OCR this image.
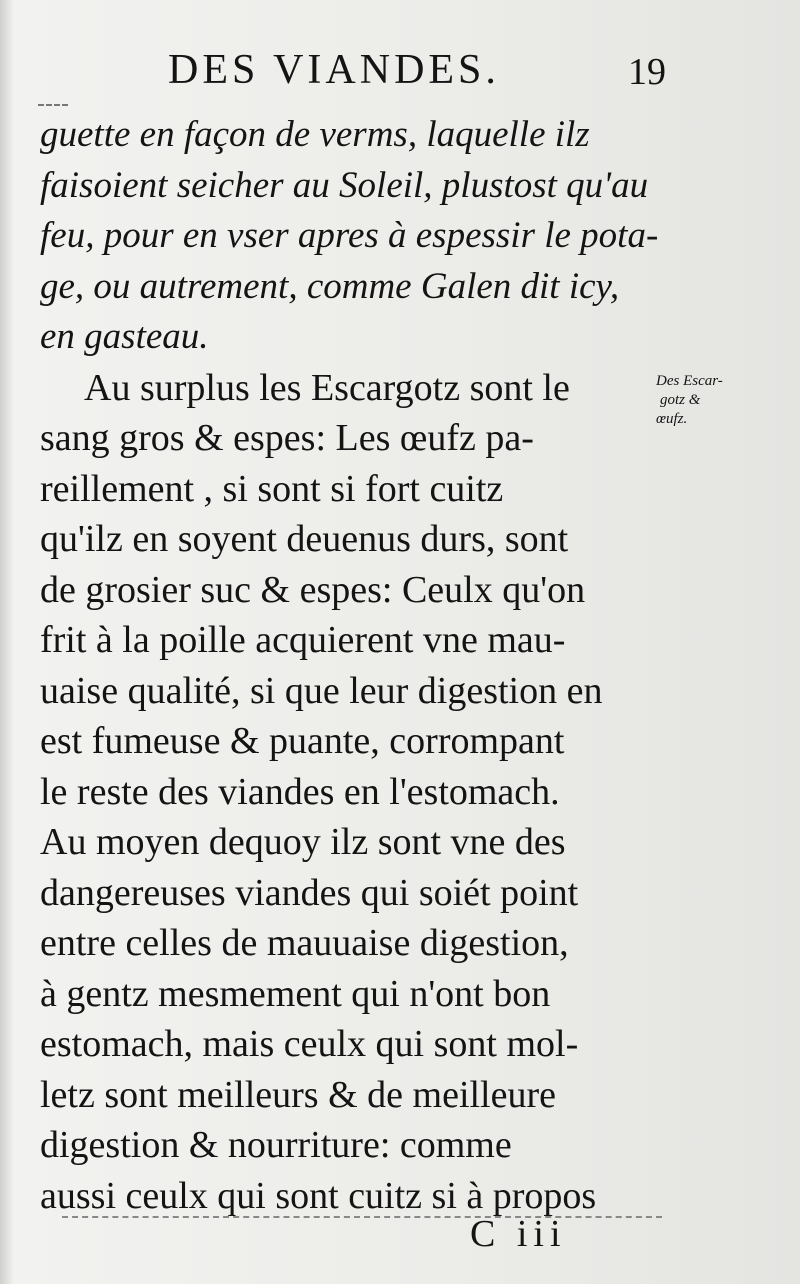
DES VIANDES.	19
guette en façon de verms, laquelle ilz
faisoient seicher au Soleil, plustost qu'au
feu, pour en vser apres à espessir le pota-
ge, ou autrement, comme Galen dit icy,
en gasteau.
Au surplus les Escargotz sont le
sang gros & espes: Les œufz pa-
reillement , si sont si fort cuitz
qu'ilz en soyent deuenus durs, sont
de grosier suc & espes: Ceulx qu'on
frit à la poille acquierent vne mau-
uaise qualité, si que leur digestion en
est fumeuse & puante, corrompant
le reste des viandes en l'estomach.
Au moyen dequoy ilz sont vne des
dangereuses viandes qui soiét point
entre celles de mauuaise digestion,
à gentz mesmement qui n'ont bon
estomach, mais ceulx qui sont mol-
letz sont meilleurs & de meilleure
digestion & nourriture: comme
aussi ceulx qui sont cuitz si à propos
Des Escar-
gotz &
œufz.
C iii
